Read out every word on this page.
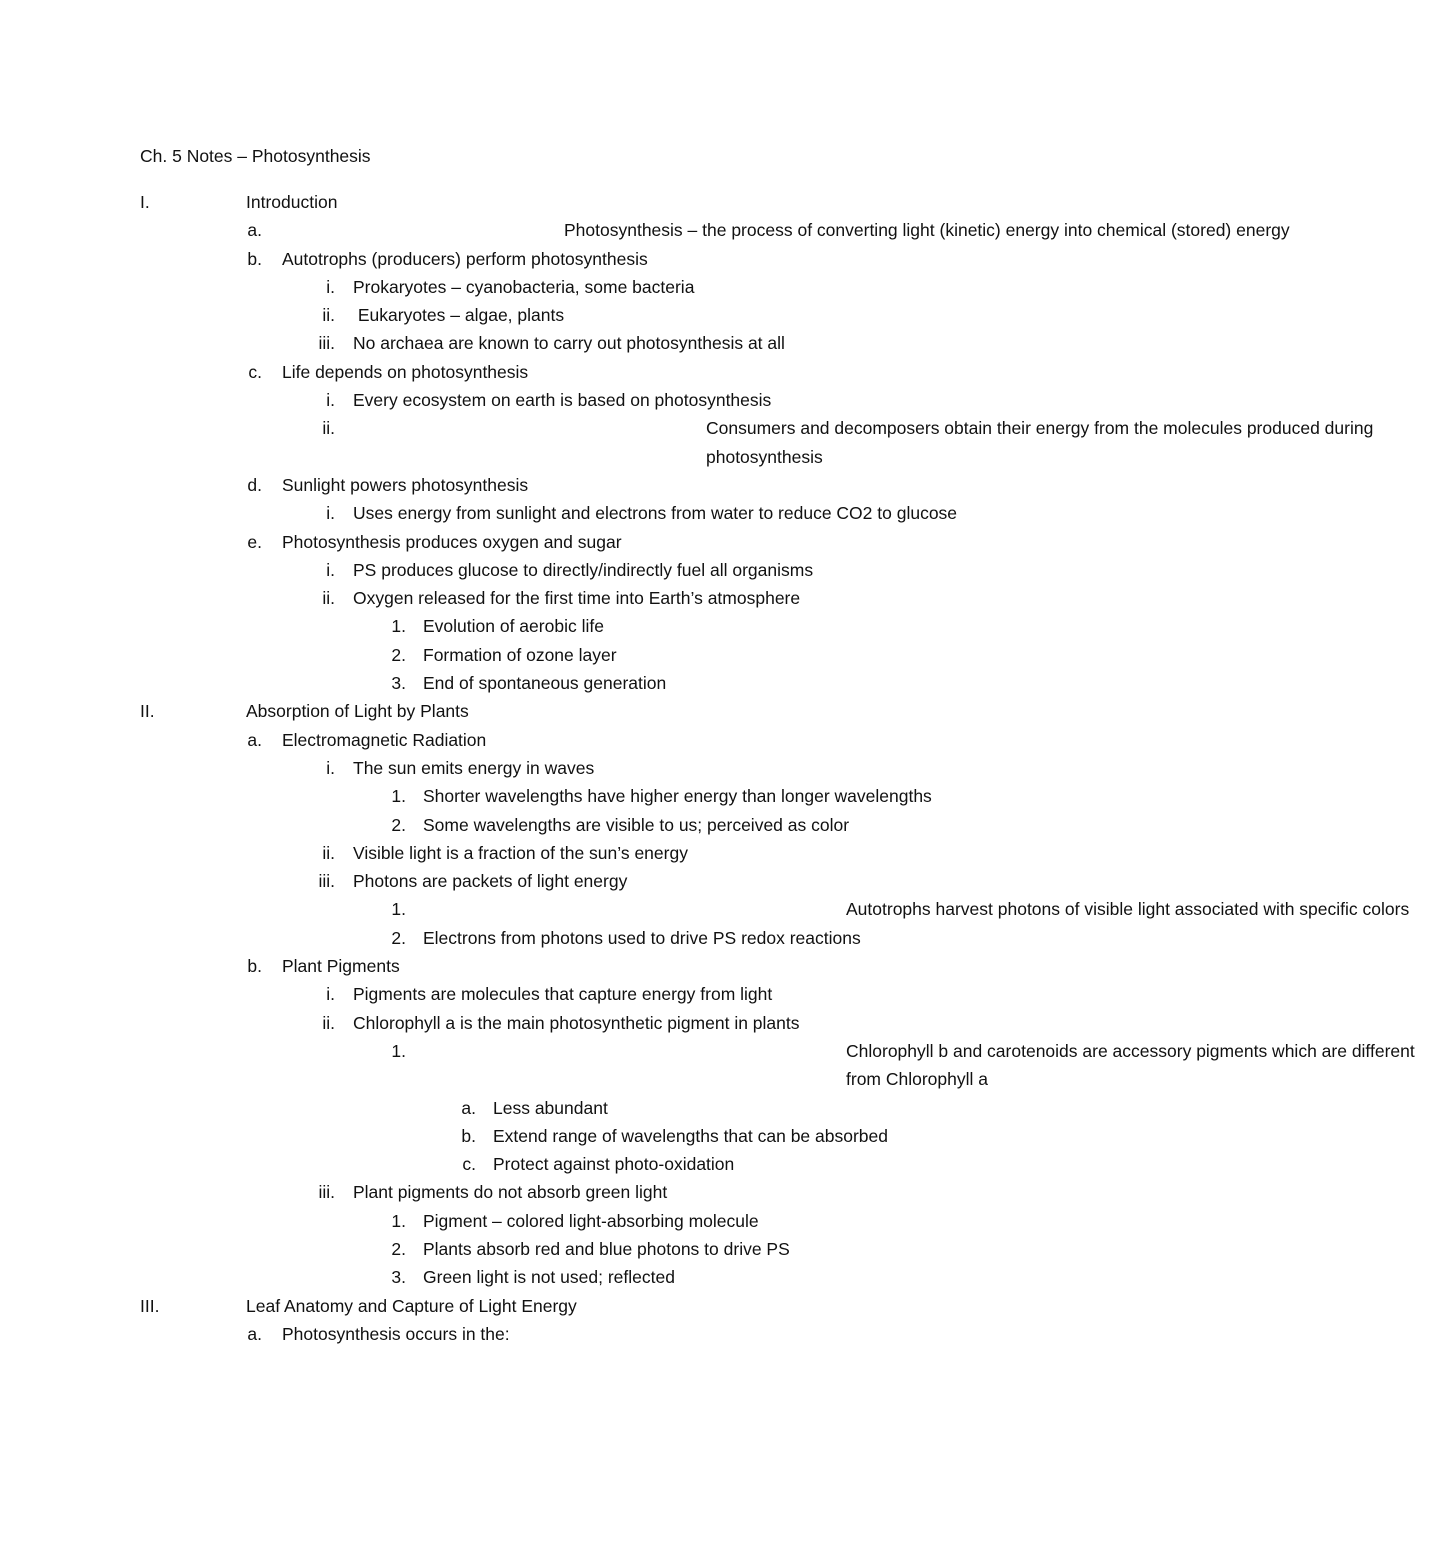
Ch. 5 Notes – Photosynthesis
I.	Introduction
a.	Photosynthesis – the process of converting light (kinetic) energy into chemical (stored) energy
b. Autotrophs (producers) perform photosynthesis
i. Prokaryotes – cyanobacteria, some bacteria
ii. Eukaryotes – algae, plants
iii. No archaea are known to carry out photosynthesis at all
c. Life depends on photosynthesis
i. Every ecosystem on earth is based on photosynthesis
ii.	Consumers and decomposers obtain their energy from the molecules produced during photosynthesis
d. Sunlight powers photosynthesis
i. Uses energy from sunlight and electrons from water to reduce CO2 to glucose
e. Photosynthesis produces oxygen and sugar
i. PS produces glucose to directly/indirectly fuel all organisms
ii. Oxygen released for the first time into Earth’s atmosphere
1. Evolution of aerobic life
2. Formation of ozone layer
3. End of spontaneous generation
II.	Absorption of Light by Plants
a. Electromagnetic Radiation
i. The sun emits energy in waves
1. Shorter wavelengths have higher energy than longer wavelengths
2. Some wavelengths are visible to us; perceived as color
ii. Visible light is a fraction of the sun’s energy
iii. Photons are packets of light energy
1.	Autotrophs harvest photons of visible light associated with specific colors
2. Electrons from photons used to drive PS redox reactions
b. Plant Pigments
i. Pigments are molecules that capture energy from light
ii. Chlorophyll a is the main photosynthetic pigment in plants
1.	Chlorophyll b and carotenoids are accessory pigments which are different from Chlorophyll a
a. Less abundant
b. Extend range of wavelengths that can be absorbed
c. Protect against photo-oxidation
iii. Plant pigments do not absorb green light
1. Pigment – colored light-absorbing molecule
2. Plants absorb red and blue photons to drive PS
3. Green light is not used; reflected
III.	Leaf Anatomy and Capture of Light Energy
a. Photosynthesis occurs in the:
